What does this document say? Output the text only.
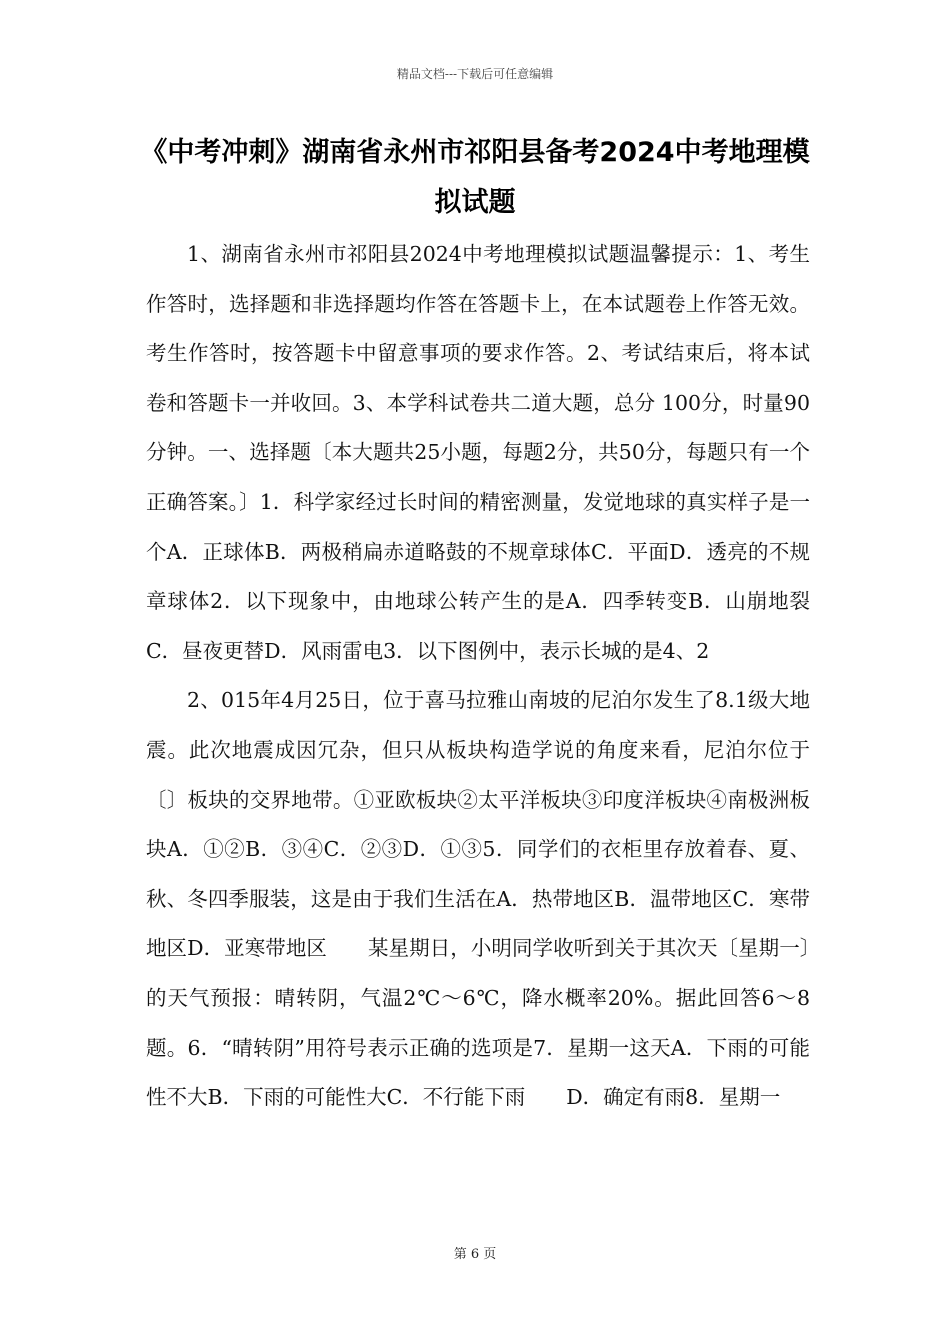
精品文档---下载后可任意编辑
《中考冲刺》湖南省永州市祁阳县备考2024中考地理模拟试题

1、湖南省永州市祁阳县2024中考地理模拟试题温馨提示：1、考生作答时，选择题和非选择题均作答在答题卡上，在本试题卷上作答无效。考生作答时，按答题卡中留意事项的要求作答。2、考试结束后，将本试卷和答题卡一并收回。3、本学科试卷共二道大题，总分 100分，时量90分钟。一、选择题〔本大题共25小题，每题2分，共50分，每题只有一个正确答案。〕1．科学家经过长时间的精密测量，发觉地球的真实样子是一个A．正球体B．两极稍扁赤道略鼓的不规章球体C．平面D．透亮的不规章球体2．以下现象中，由地球公转产生的是A．四季转变B．山崩地裂C．昼夜更替D．风雨雷电3．以下图例中，表示长城的是4、2

2、015年4月25日，位于喜马拉雅山南坡的尼泊尔发生了8.1级大地震。此次地震成因冗杂，但只从板块构造学说的角度来看，尼泊尔位于〔〕板块的交界地带。①亚欧板块②太平洋板块③印度洋板块④南极洲板块A．①②B．③④C．②③D．①③5．同学们的衣柜里存放着春、夏、秋、冬四季服装，这是由于我们生活在A．热带地区B．温带地区C．寒带地区D．亚寒带地区　　某星期日，小明同学收听到关于其次天〔星期一〕的天气预报：晴转阴，气温2℃～6℃，降水概率20%。据此回答6～8题。6．“晴转阴”用符号表示正确的选项是7．星期一这天A．下雨的可能性不大B．下雨的可能性大C．不行能下雨　　D．确定有雨8．星期一

第 6 页
